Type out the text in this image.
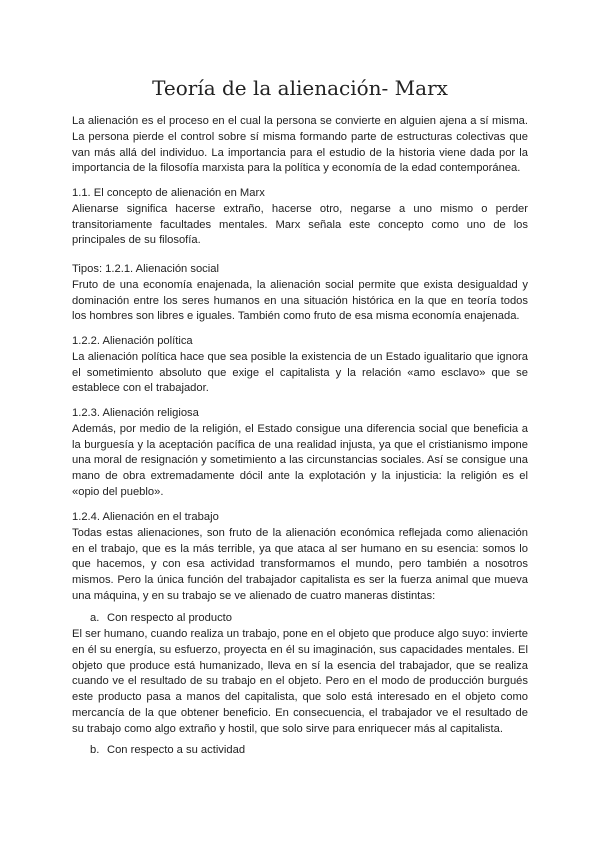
Teoría de la alienación- Marx

La alienación es el proceso en el cual la persona se convierte en alguien ajena a sí misma. La persona pierde el control sobre sí misma formando parte de estructuras colectivas que van más allá del individuo. La importancia para el estudio de la historia viene dada por la importancia de la filosofía marxista para la política y economía de la edad contemporánea.

1.1. El concepto de alienación en Marx

Alienarse significa hacerse extraño, hacerse otro, negarse a uno mismo o perder transitoriamente facultades mentales. Marx señala este concepto como uno de los principales de su filosofía.

Tipos: 1.2.1. Alienación social

Fruto de una economía enajenada, la alienación social permite que exista desigualdad y dominación entre los seres humanos en una situación histórica en la que en teoría todos los hombres son libres e iguales. También como fruto de esa misma economía enajenada.

1.2.2. Alienación política

La alienación política hace que sea posible la existencia de un Estado igualitario que ignora el sometimiento absoluto que exige el capitalista y la relación «amo esclavo» que se establece con el trabajador.

1.2.3. Alienación religiosa

Además, por medio de la religión, el Estado consigue una diferencia social que beneficia a la burguesía y la aceptación pacífica de una realidad injusta, ya que el cristianismo impone una moral de resignación y sometimiento a las circunstancias sociales. Así se consigue una mano de obra extremadamente dócil ante la explotación y la injusticia: la religión es el «opio del pueblo».

1.2.4. Alienación en el trabajo

Todas estas alienaciones, son fruto de la alienación económica reflejada como alienación en el trabajo, que es la más terrible, ya que ataca al ser humano en su esencia: somos lo que hacemos, y con esa actividad transformamos el mundo, pero también a nosotros mismos. Pero la única función del trabajador capitalista es ser la fuerza animal que mueva una máquina, y en su trabajo se ve alienado de cuatro maneras distintas:

a. Con respecto al producto

El ser humano, cuando realiza un trabajo, pone en el objeto que produce algo suyo: invierte en él su energía, su esfuerzo, proyecta en él su imaginación, sus capacidades mentales. El objeto que produce está humanizado, lleva en sí la esencia del trabajador, que se realiza cuando ve el resultado de su trabajo en el objeto. Pero en el modo de producción burgués este producto pasa a manos del capitalista, que solo está interesado en el objeto como mercancía de la que obtener beneficio. En consecuencia, el trabajador ve el resultado de su trabajo como algo extraño y hostil, que solo sirve para enriquecer más al capitalista.

b. Con respecto a su actividad
